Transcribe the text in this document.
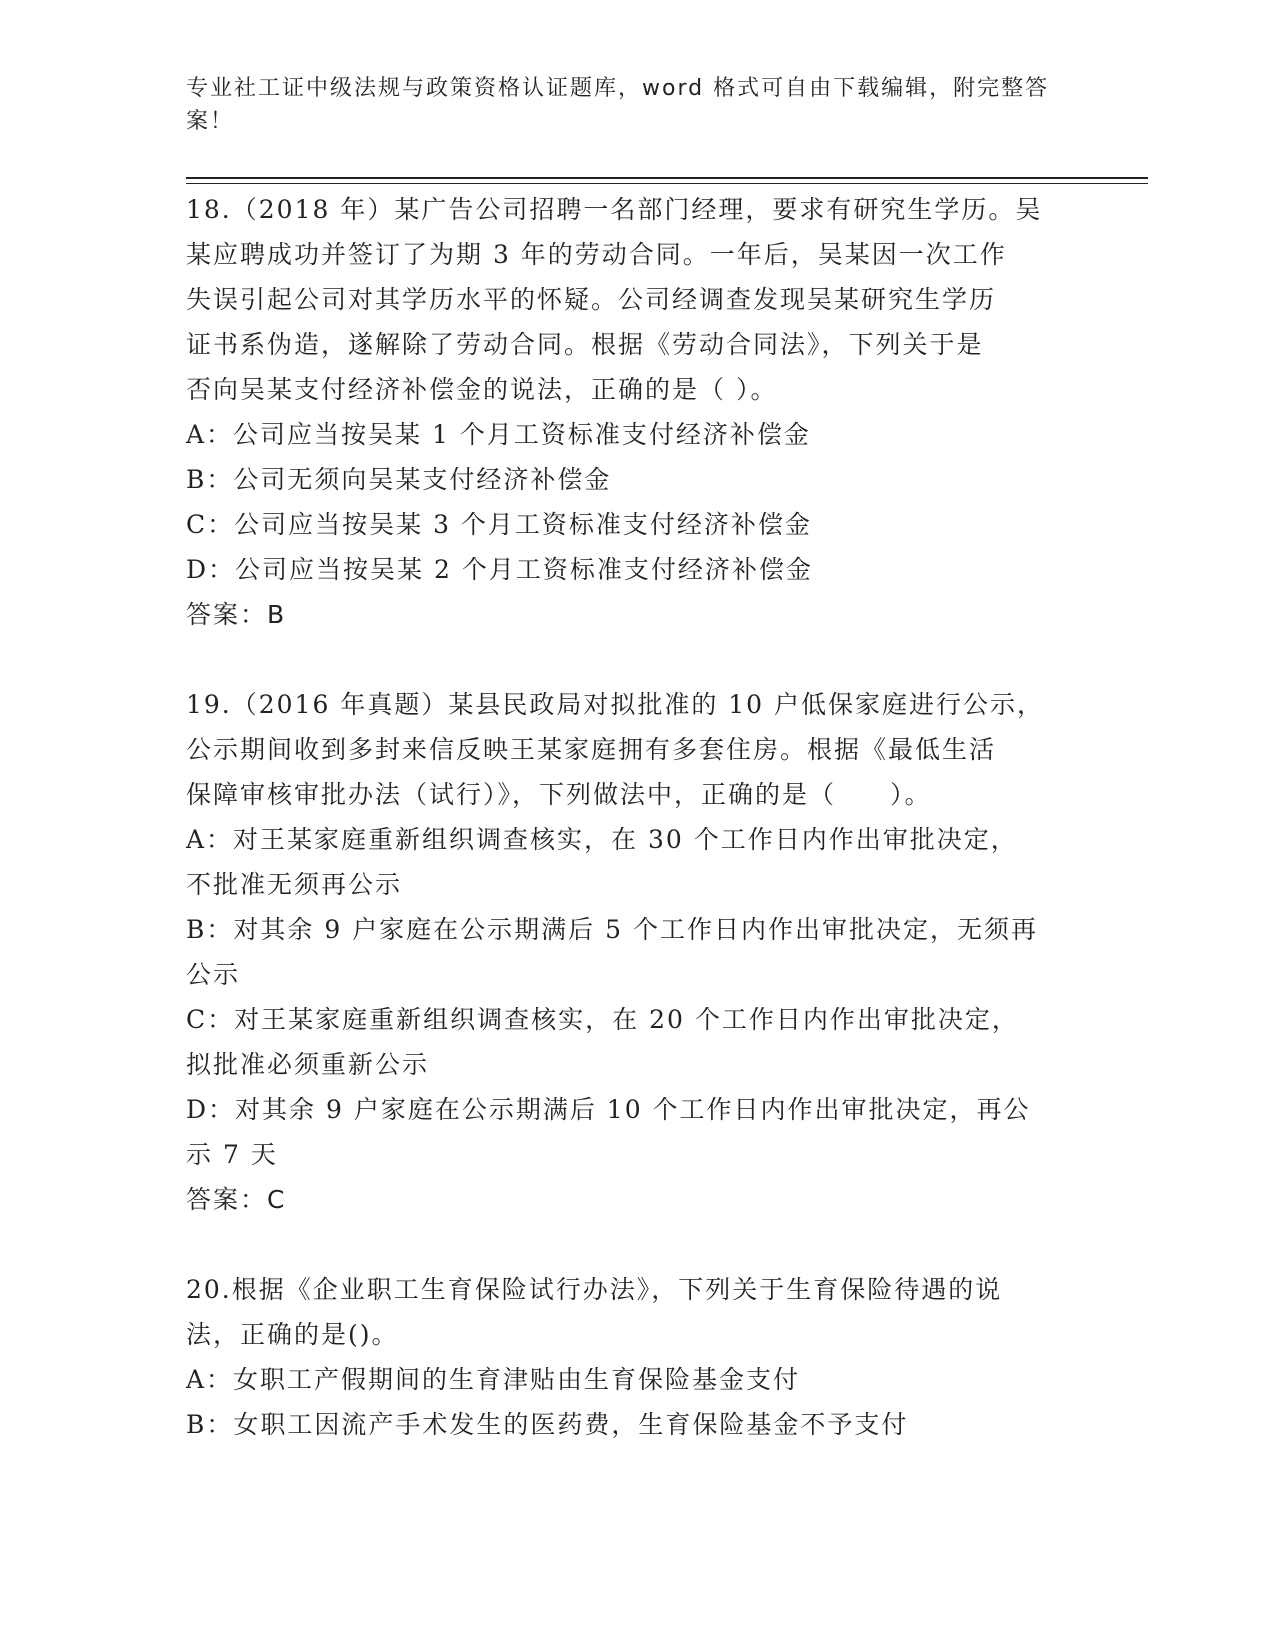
专业社工证中级法规与政策资格认证题库，word 格式可自由下载编辑，附完整答
案！

18.（2018 年）某广告公司招聘一名部门经理，要求有研究生学历。吴

某应聘成功并签订了为期 3 年的劳动合同。一年后，吴某因一次工作

失误引起公司对其学历水平的怀疑。公司经调查发现吴某研究生学历

证书系伪造，遂解除了劳动合同。根据《劳动合同法》，下列关于是

否向吴某支付经济补偿金的说法，正确的是（ ）。

A：公司应当按吴某 1 个月工资标准支付经济补偿金

B：公司无须向吴某支付经济补偿金

C：公司应当按吴某 3 个月工资标准支付经济补偿金

D：公司应当按吴某 2 个月工资标准支付经济补偿金

答案：B

19.（2016 年真题）某县民政局对拟批准的 10 户低保家庭进行公示，

公示期间收到多封来信反映王某家庭拥有多套住房。根据《最低生活

保障审核审批办法（试行）》，下列做法中，正确的是（　　）。

A：对王某家庭重新组织调查核实，在 30 个工作日内作出审批决定，

不批准无须再公示

B：对其余 9 户家庭在公示期满后 5 个工作日内作出审批决定，无须再

公示

C：对王某家庭重新组织调查核实，在 20 个工作日内作出审批决定，

拟批准必须重新公示

D：对其余 9 户家庭在公示期满后 10 个工作日内作出审批决定，再公

示 7 天

答案：C

20.根据《企业职工生育保险试行办法》，下列关于生育保险待遇的说

法，正确的是()。

A：女职工产假期间的生育津贴由生育保险基金支付

B：女职工因流产手术发生的医药费，生育保险基金不予支付
